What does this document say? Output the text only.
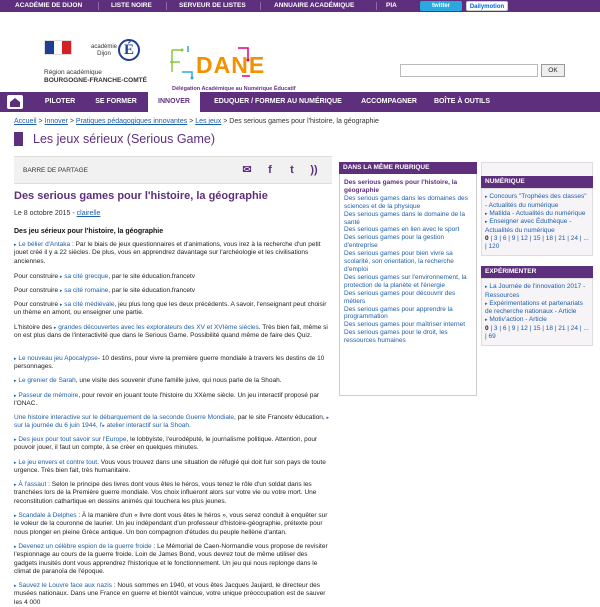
ACADÉMIE DE DIJON	LISTE NOIRE	SERVEUR DE LISTES	ANNUAIRE ACADÉMIQUE	PIA	twitter	Dailymotion
académie
Dijon É
Région académique
BOURGOGNE-FRANCHE-COMTÉ
DANE
Délégation Académique au Numérique Éducatif
OK
PILOTER	SE FORMER	INNOVER	EDUQUER / FORMER AU NUMÉRIQUE	ACCOMPAGNER	BOÎTE À OUTILS
Accueil > Innover > Pratiques pédagogiques innovantes > Les jeux > Des serious games pour l'histoire, la géographie
Les jeux sérieux (Serious Game)
BARRE DE PARTAGE	✉	f	t	))
Des serious games pour l'histoire, la géographie
Le 8 octobre 2015 - clairelle
Des jeu sérieux pour l'histoire, la géographie
▸ Le bélier d'Antaka : Par le biais de jeux questionnaires et d'animations, vous irez à la recherche d'un petit jouet créé il y a 22 siècles. De plus, vous en apprendrez davantage sur l'archéologie et les civilisations anciennes.
Pour construire ▸ sa cité grecque, par le site éducation.francetv
Pour construire ▸ sa cité romaine, par le site éducation.francetv
Pour construire ▸ sa cité médiévale, jeu plus long que les deux précédents. A savoir, l'enseignant peut choisir un thème en amont, ou enseigner une partie.
L'histoire des ▸ grandes découvertes avec les explorateurs des XV et XVIème siècles. Très bien fait, même si on est plus dans de l'interactivité que dans le Serious Game. Possibilité quand même de faire des Quiz.
▸ Le nouveau jeu Apocalypse- 10 destins, pour vivre la première guerre mondiale à travers les destins de 10 personnages.
▸ Le grenier de Sarah, une visite des souvenir d'une famille juive, qui nous parle de la Shoah.
▸ Passeur de mémoire, pour revoir en jouant toute l'histoire du XXème siècle. Un jeu interactif proposé par l'ONAC.
Une histoire interactive sur le débarquement de la seconde Guerre Mondiale, par le site Francetv éducation, ▸ sur la journée du 6 juin 1944, l'▸ atelier interactif sur la Shoah.
▸ Des jeux pour tout savoir sur l'Europe, le lobbyiste, l'eurodéputé, le journalisme politique. Attention, pour pouvoir jouer, il faut un compte, à se créer en quelques minutes.
▸ Le jeu envers et contre tout. Vous vous trouvez dans une situation de réfugié qui doit fuir son pays de toute urgence. Très bien fait, très humanitaire.
▸ À l'assaut : Selon le principe des livres dont vous êtes le héros, vous tenez le rôle d'un soldat dans les tranchées lors de la Première guerre mondiale. Vos choix influeront alors sur votre vie ou votre mort. Une reconstitution cathartique en dessins animés qui touchera les plus jeunes.
▸ Scandale à Delphes : À la manière d'un « livre dont vous êtes le héros », vous serez conduit à enquêter sur le voleur de la couronne de laurier. Un jeu indépendant d'un professeur d'histoire-géographie, prétexte pour nous plonger en pleine Grèce antique. Un bon compagnon d'études du peuple hellène d'antan.
▸ Devenez un célèbre espion de la guerre froide : Le Mémorial de Caen-Normandie vous propose de revisiter l'espionnage au cours de la guerre froide. Loin de James Bond, vous devrez tout de même utiliser des gadgets inusités dont vous apprendrez l'historique et le fonctionnement. Un jeu qui nous replonge dans le climat de paranoïa de l'époque.
▸ Sauvez le Louvre face aux nazis : Nous sommes en 1940, et vous êtes Jacques Jaujard, le directeur des musées nationaux. Dans une France en guerre et bientôt vaincue, votre unique préoccupation est de sauver les 4 000
DANS LA MÊME RUBRIQUE
Des serious games pour l'histoire, la géographie
Des serious games dans les domaines des sciences et de la physique
Des serious games dans le domaine de la santé
Des serious games en lien avec le sport
Des serious games pour la gestion d'entreprise
Des serious games pour bien vivre sa scolarité, son orientation, la recherche d'emploi
Des serious games sur l'environnement, la protection de la planète et l'énergie
Des serious games pour découvrir des métiers
Des serious games pour apprendre la programmation
Des serious games pour maîtriser internet
Des serious games pour le droit, les ressources humaines
NUMÉRIQUE
▸ Concours "Trophées des classes" - Actualités du numérique
▸ Matilda - Actualités du numérique
▸ Enseigner avec Éduthèque - Actualités du numérique
0 | 3 | 6 | 9 | 12 | 15 | 18 | 21 | 24 | ... | 120
EXPÉRIMENTER
▸ La Journée de l'innovation 2017 - Ressources
▸ Expérimentations et partenariats de recherche nationaux - Article
▸ Motiv'action - Article
0 | 3 | 6 | 9 | 12 | 15 | 18 | 21 | 24 | ... | 69
